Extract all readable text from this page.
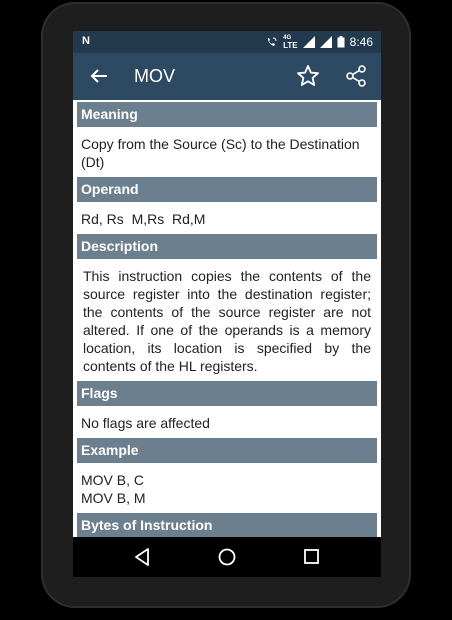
N	4G
LTE	8:46
MOV
Meaning
Copy from the Source (Sc) to the Destination (Dt)
Operand
Rd, Rs  M,Rs  Rd,M
Description
This instruction copies the contents of the source register into the destination register; the contents of the source register are not altered. If one of the operands is a memory location, its location is specified by the contents of the HL registers.
Flags
No flags are affected
Example
MOV B, C
MOV B, M
Bytes of Instruction
